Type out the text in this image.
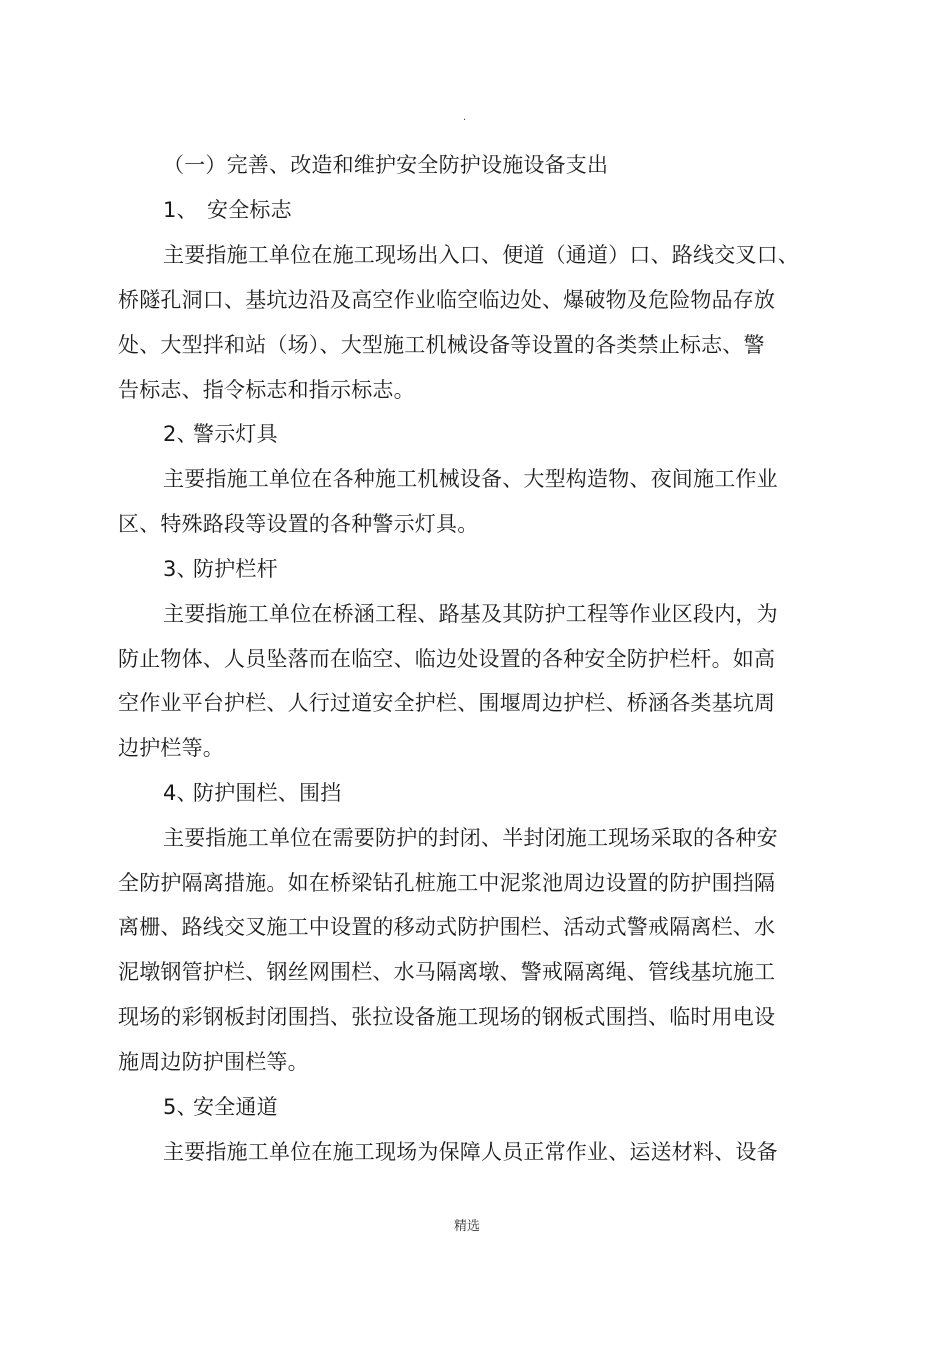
.
（一）完善、改造和维护安全防护设施设备支出
1、 安全标志
主要指施工单位在施工现场出入口、便道（通道）口、路线交叉口、
桥隧孔洞口、基坑边沿及高空作业临空临边处、爆破物及危险物品存放
处、大型拌和站（场）、大型施工机械设备等设置的各类禁止标志、警
告标志、指令标志和指示标志。
2、警示灯具
主要指施工单位在各种施工机械设备、大型构造物、夜间施工作业
区、特殊路段等设置的各种警示灯具。
3、防护栏杆
主要指施工单位在桥涵工程、路基及其防护工程等作业区段内，为
防止物体、人员坠落而在临空、临边处设置的各种安全防护栏杆。如高
空作业平台护栏、人行过道安全护栏、围堰周边护栏、桥涵各类基坑周
边护栏等。
4、防护围栏、围挡
主要指施工单位在需要防护的封闭、半封闭施工现场采取的各种安
全防护隔离措施。如在桥梁钻孔桩施工中泥浆池周边设置的防护围挡隔
离栅、路线交叉施工中设置的移动式防护围栏、活动式警戒隔离栏、水
泥墩钢管护栏、钢丝网围栏、水马隔离墩、警戒隔离绳、管线基坑施工
现场的彩钢板封闭围挡、张拉设备施工现场的钢板式围挡、临时用电设
施周边防护围栏等。
5、安全通道
主要指施工单位在施工现场为保障人员正常作业、运送材料、设备
精选
